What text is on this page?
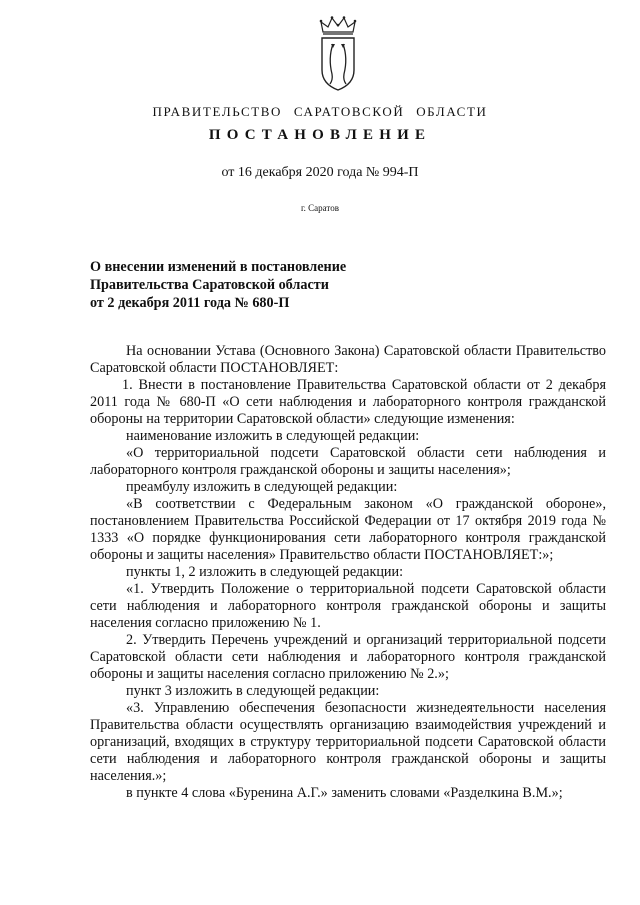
ПРАВИТЕЛЬСТВО САРАТОВСКОЙ ОБЛАСТИ
ПОСТАНОВЛЕНИЕ
от 16 декабря 2020 года № 994-П
г. Саратов
О внесении изменений в постановление
Правительства Саратовской области
от 2 декабря 2011 года № 680-П

На основании Устава (Основного Закона) Саратовской области Правительство Саратовской области ПОСТАНОВЛЯЕТ:

1. Внести в постановление Правительства Саратовской области от 2 декабря 2011 года № 680-П «О сети наблюдения и лабораторного контроля гражданской обороны на территории Саратовской области» следующие изменения:

наименование изложить в следующей редакции:

«О территориальной подсети Саратовской области сети наблюдения и лабораторного контроля гражданской обороны и защиты населения»;

преамбулу изложить в следующей редакции:

«В соответствии с Федеральным законом «О гражданской обороне», постановлением Правительства Российской Федерации от 17 октября 2019 года № 1333 «О порядке функционирования сети лабораторного контроля гражданской обороны и защиты населения» Правительство области ПОСТАНОВЛЯЕТ:»;

пункты 1, 2 изложить в следующей редакции:

«1. Утвердить Положение о территориальной подсети Саратовской области сети наблюдения и лабораторного контроля гражданской обороны и защиты населения согласно приложению № 1.

2. Утвердить Перечень учреждений и организаций территориальной подсети Саратовской области сети наблюдения и лабораторного контроля гражданской обороны и защиты населения согласно приложению № 2.»;

пункт 3 изложить в следующей редакции:

«3. Управлению обеспечения безопасности жизнедеятельности населения Правительства области осуществлять организацию взаимодействия учреждений и организаций, входящих в структуру территориальной подсети Саратовской области сети наблюдения и лабораторного контроля гражданской обороны и защиты населения.»;

в пункте 4 слова «Буренина А.Г.» заменить словами «Разделкина В.М.»;
